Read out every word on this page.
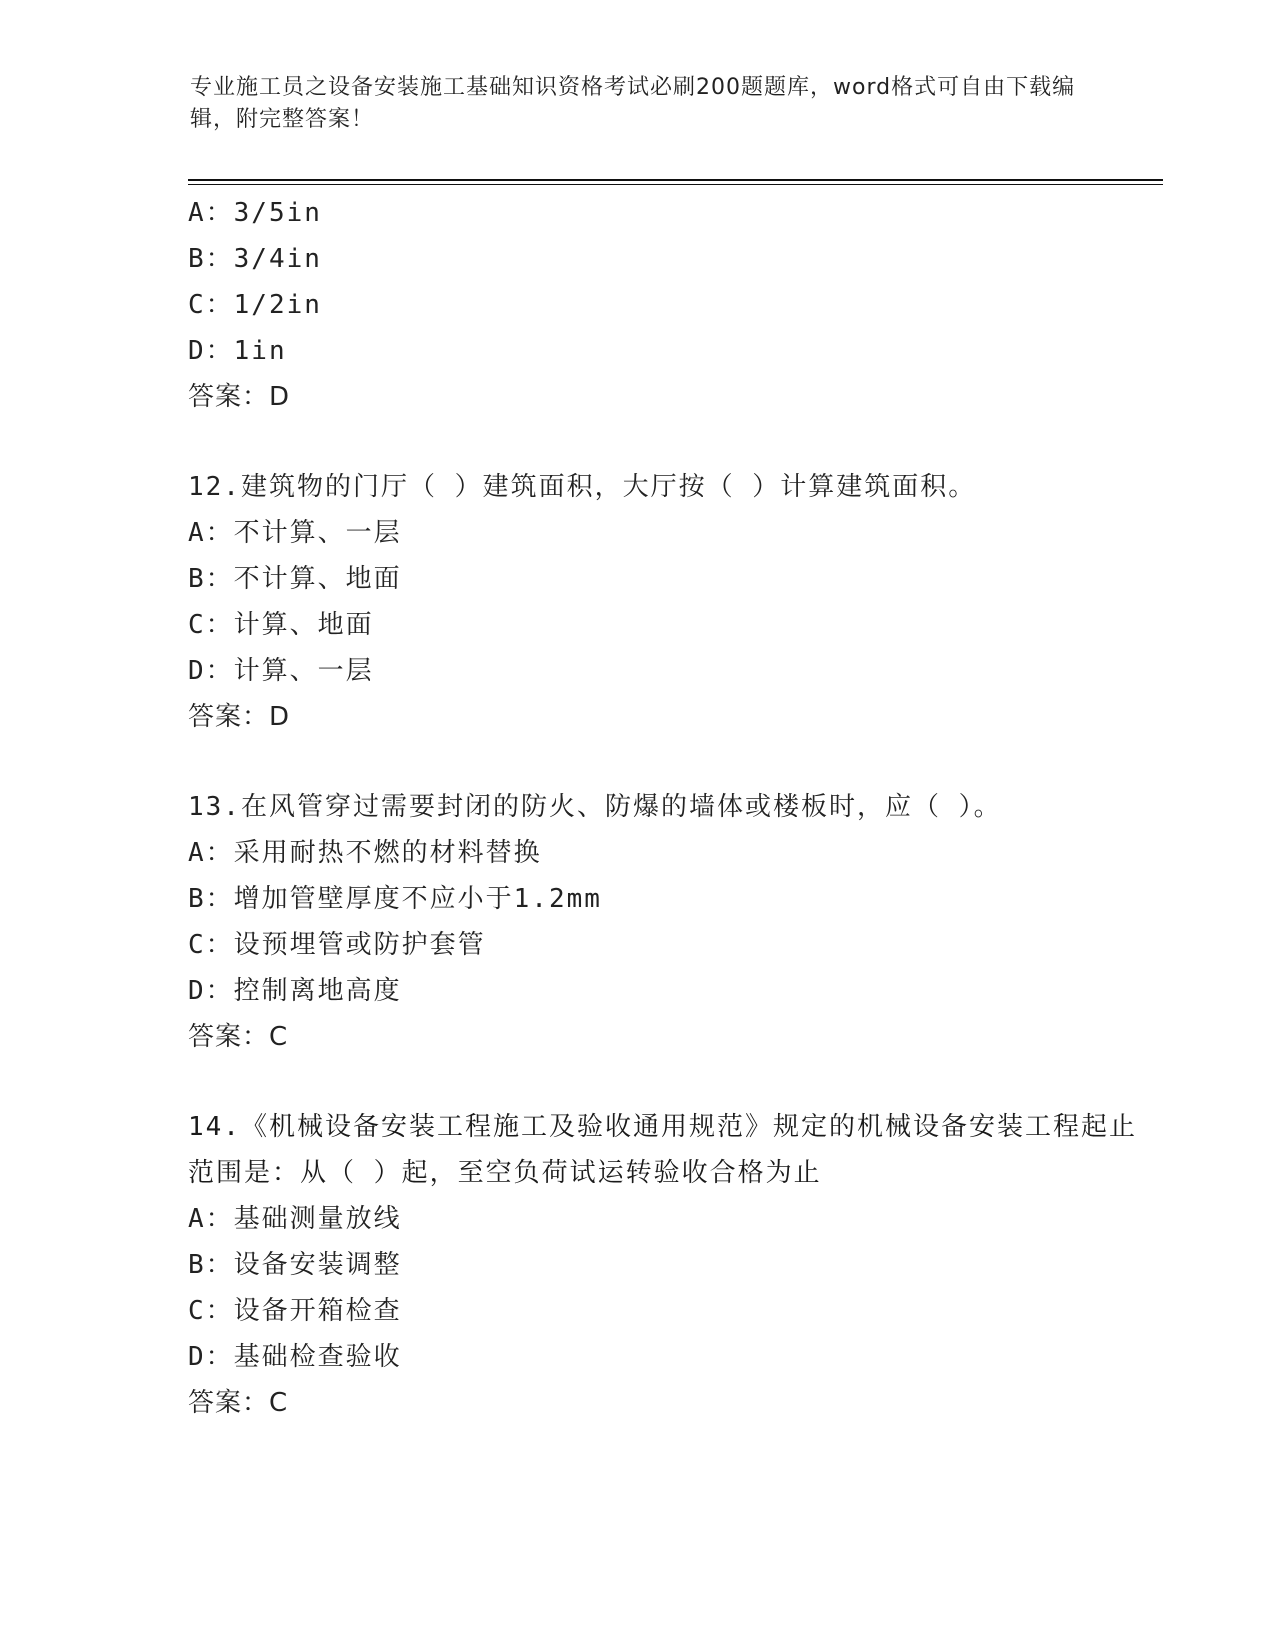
专业施工员之设备安装施工基础知识资格考试必刷200题题库，word格式可自由下载编辑，附完整答案！
A：3/5in
B：3/4in
C：1/2in
D：1in
答案：D
12.建筑物的门厅（ ）建筑面积，大厅按（ ）计算建筑面积。
A：不计算、一层
B：不计算、地面
C：计算、地面
D：计算、一层
答案：D
13.在风管穿过需要封闭的防火、防爆的墙体或楼板时，应（ ）。
A：采用耐热不燃的材料替换
B：增加管壁厚度不应小于1.2mm
C：设预埋管或防护套管
D：控制离地高度
答案：C
14.《机械设备安装工程施工及验收通用规范》规定的机械设备安装工程起止范围是：从（ ）起，至空负荷试运转验收合格为止
A：基础测量放线
B：设备安装调整
C：设备开箱检查
D：基础检查验收
答案：C
